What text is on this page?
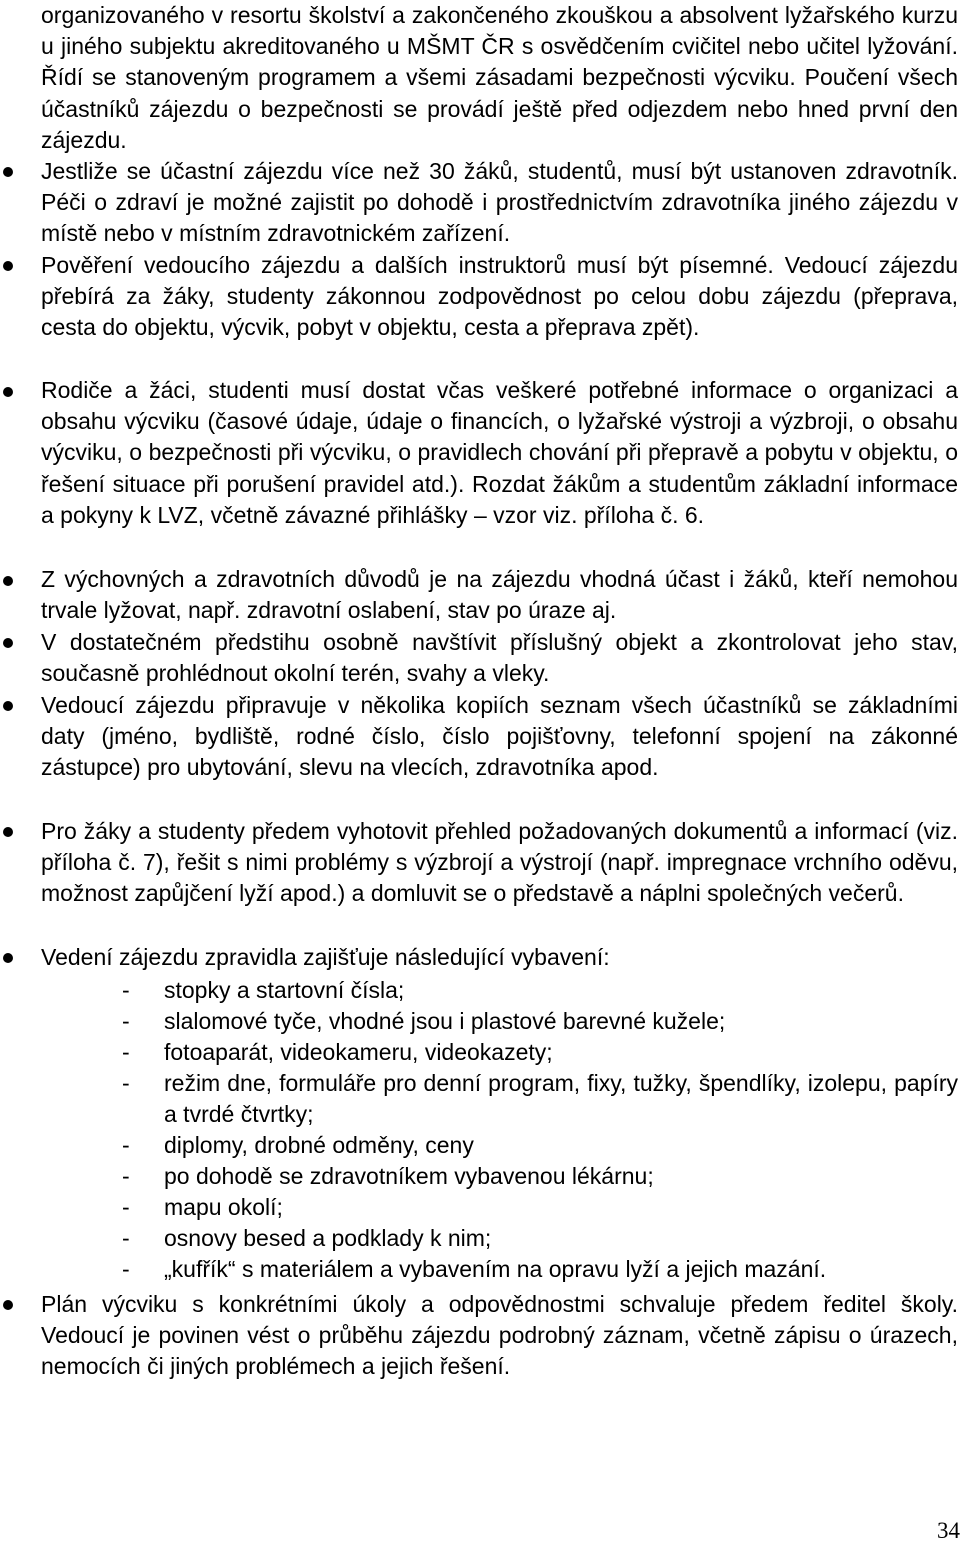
organizovaného v resortu školství a zakončeného zkouškou a absolvent lyžařského kurzu u jiného subjektu akreditovaného u MŠMT ČR s osvědčením cvičitel nebo učitel lyžování. Řídí se stanoveným programem a všemi zásadami bezpečnosti výcviku. Poučení všech účastníků zájezdu o bezpečnosti se provádí ještě před odjezdem nebo hned první den zájezdu.
Jestliže se účastní zájezdu více než 30 žáků, studentů, musí být ustanoven zdravotník. Péči o zdraví je možné zajistit po dohodě i prostřednictvím zdravotníka jiného zájezdu v místě nebo v místním zdravotnickém zařízení.
Pověření vedoucího zájezdu a dalších instruktorů musí být písemné. Vedoucí zájezdu přebírá za žáky, studenty zákonnou zodpovědnost po celou dobu zájezdu (přeprava, cesta do objektu, výcvik, pobyt v objektu, cesta a přeprava zpět).
Rodiče a žáci, studenti musí dostat včas veškeré potřebné informace o organizaci a obsahu výcviku (časové údaje, údaje o financích, o lyžařské výstroji a výzbroji, o obsahu výcviku, o bezpečnosti při výcviku, o pravidlech chování při přepravě a pobytu v objektu, o řešení situace při porušení pravidel atd.). Rozdat žákům a studentům základní informace a pokyny k LVZ, včetně závazné přihlášky – vzor viz. příloha č. 6.
Z výchovných a zdravotních důvodů je na zájezdu vhodná účast i žáků, kteří nemohou trvale lyžovat, např. zdravotní oslabení, stav po úraze aj.
V dostatečném předstihu osobně navštívit příslušný objekt a zkontrolovat jeho stav, současně prohlédnout okolní terén, svahy a vleky.
Vedoucí zájezdu připravuje v několika kopiích seznam všech účastníků se základními daty (jméno, bydliště, rodné číslo, číslo pojišťovny, telefonní spojení na zákonné zástupce) pro ubytování, slevu na vlecích, zdravotníka apod.
Pro žáky a studenty předem vyhotovit přehled požadovaných dokumentů a informací (viz. příloha č. 7), řešit s nimi problémy s výzbrojí a výstrojí (např. impregnace vrchního oděvu, možnost zapůjčení lyží apod.) a domluvit se o představě a náplni společných večerů.
Vedení zájezdu zpravidla zajišťuje následující vybavení:
- stopky a startovní čísla;
- slalomové tyče, vhodné jsou i plastové barevné kužele;
- fotoaparát, videokameru, videokazety;
- režim dne, formuláře pro denní program, fixy, tužky, špendlíky, izolepu, papíry a tvrdé čtvrtky;
- diplomy, drobné odměny, ceny
- po dohodě se zdravotníkem vybavenou lékárnu;
- mapu okolí;
- osnovy besed a podklady k nim;
- „kufřík“ s materiálem a vybavením na opravu lyží a jejich mazání.
Plán výcviku s konkrétními úkoly a odpovědnostmi schvaluje předem ředitel školy. Vedoucí je povinen vést o průběhu zájezdu podrobný záznam, včetně zápisu o úrazech, nemocích či jiných problémech a jejich řešení.
34
